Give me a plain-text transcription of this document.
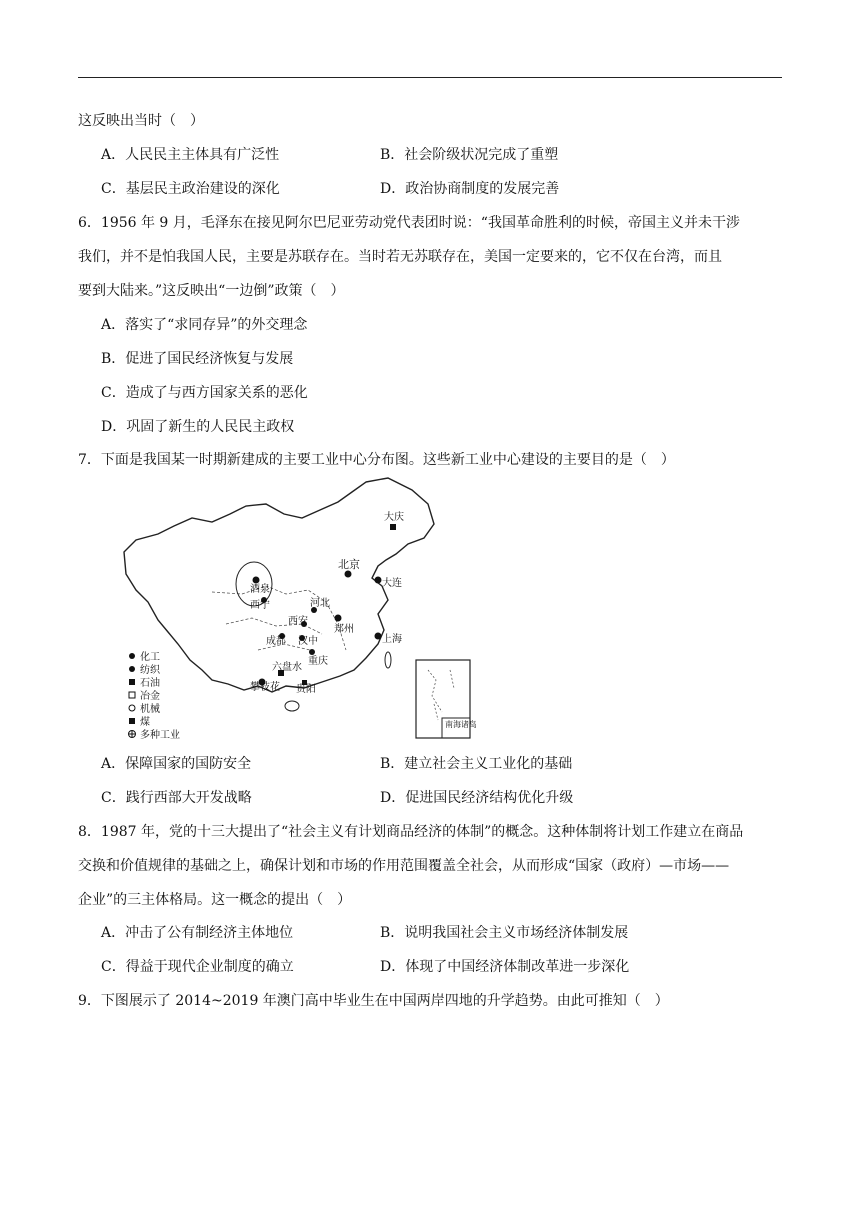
这反映出当时（　）
A．人民民主主体具有广泛性	B．社会阶级状况完成了重塑
C．基层民主政治建设的深化	D．政治协商制度的发展完善
6．1956 年 9 月，毛泽东在接见阿尔巴尼亚劳动党代表团时说：“我国革命胜利的时候，帝国主义并未干涉
我们，并不是怕我国人民，主要是苏联存在。当时若无苏联存在，美国一定要来的，它不仅在台湾，而且
要到大陆来。”这反映出“一边倒”政策（　）
A．落实了“求同存异”的外交理念
B．促进了国民经济恢复与发展
C．造成了与西方国家关系的恶化
D．巩固了新生的人民民主政权
7．下面是我国某一时期新建成的主要工业中心分布图。这些新工业中心建设的主要目的是（　）
南海诸岛
大庆
北京
大连
酒泉
西宁	河北
西安
郑州
上海
成都 汉中
重庆
六盘水
攀枝花 贵阳
化工
纺织
石油
冶金
机械
煤
多种工业
A．保障国家的国防安全	B．建立社会主义工业化的基础
C．践行西部大开发战略	D．促进国民经济结构优化升级
8．1987 年，党的十三大提出了“社会主义有计划商品经济的体制”的概念。这种体制将计划工作建立在商品
交换和价值规律的基础之上，确保计划和市场的作用范围覆盖全社会，从而形成“国家（政府）—市场——
企业”的三主体格局。这一概念的提出（　）
A．冲击了公有制经济主体地位	B．说明我国社会主义市场经济体制发展
C．得益于现代企业制度的确立	D．体现了中国经济体制改革进一步深化
9．下图展示了 2014~2019 年澳门高中毕业生在中国两岸四地的升学趋势。由此可推知（　）
